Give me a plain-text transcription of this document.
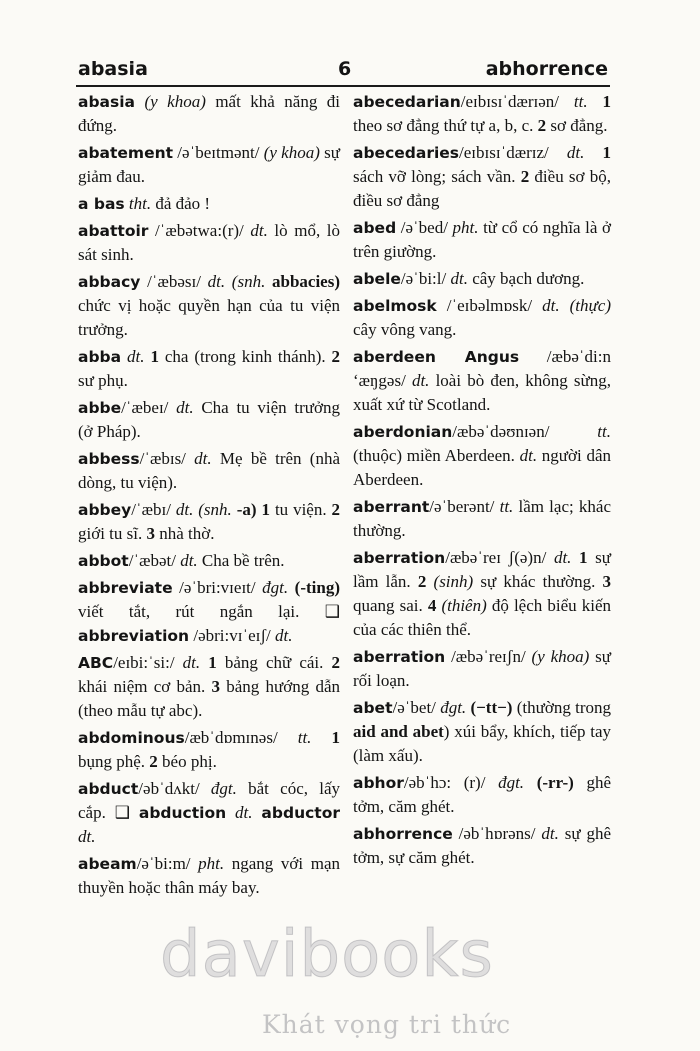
abasia	6	abhorrence
abasia (y khoa) mất khả năng đi đứng.
abatement /əˈbeɪtmənt/ (y khoa) sự giảm đau.
a bas tht. đả đảo !
abattoir /ˈæbətwa:(r)/ dt. lò mổ, lò sát sinh.
abbacy /ˈæbəsɪ/ dt. (snh. abbacies) chức vị hoặc quyền hạn của tu viện trưởng.
abba dt. 1 cha (trong kinh thánh). 2 sư phụ.
abbe/ˈæbeɪ/ dt. Cha tu viện trưởng (ở Pháp).
abbess/ˈæbɪs/ dt. Mẹ bề trên (nhà dòng, tu viện).
abbey/ˈæbɪ/ dt. (snh. -a) 1 tu viện. 2 giới tu sĩ. 3 nhà thờ.
abbot/ˈæbət/ dt. Cha bề trên.
abbreviate /əˈbri:vɪeɪt/ đgt. (-ting) viết tắt, rút ngắn lại. ❑ abbreviation /əbri:vɪˈeɪʃ/ dt.
ABC/eɪbi:ˈsi:/ dt. 1 bảng chữ cái. 2 khái niệm cơ bản. 3 bảng hướng dẫn (theo mẫu tự abc).
abdominous/æbˈdɒmɪnəs/ tt. 1 bụng phệ. 2 béo phị.
abduct/əbˈdʌkt/ đgt. bắt cóc, lấy cắp. ❑ abduction dt. abductor dt.
abeam/əˈbi:m/ pht. ngang với mạn thuyền hoặc thân máy bay.
abecedarian/eɪbɪsɪˈdærɪən/ tt. 1 theo sơ đẳng thứ tự a, b, c. 2 sơ đẳng.
abecedaries/eɪbɪsɪˈdærɪz/ dt. 1 sách vỡ lòng; sách vần. 2 điều sơ bộ, điều sơ đẳng
abed /əˈbed/ pht. từ cổ có nghĩa là ở trên giường.
abele/əˈbi:l/ dt. cây bạch dương.
abelmosk /ˈeɪbəlmɒsk/ dt. (thực) cây vông vang.
aberdeen Angus /æbəˈdi:n ‘æŋgəs/ dt. loài bò đen, không sừng, xuất xứ từ Scotland.
aberdonian/æbəˈdəʊnɪən/ tt. (thuộc) miền Aberdeen. dt. người dân Aberdeen.
aberrant/əˈberənt/ tt. lầm lạc; khác thường.
aberration/æbəˈreɪ ʃ(ə)n/ dt. 1 sự lầm lẫn. 2 (sinh) sự khác thường. 3 quang sai. 4 (thiên) độ lệch biểu kiến của các thiên thể.
aberration /æbəˈreɪʃn/ (y khoa) sự rối loạn.
abet/əˈbet/ đgt. (−tt−) (thường trong aid and abet) xúi bẩy, khích, tiếp tay (làm xấu).
abhor/əbˈhɔ: (r)/ đgt. (-rr-) ghê tởm, căm ghét.
abhorrence /əbˈhɒrəns/ dt. sự ghê tởm, sự căm ghét.
davibooks
Khát vọng tri thức
